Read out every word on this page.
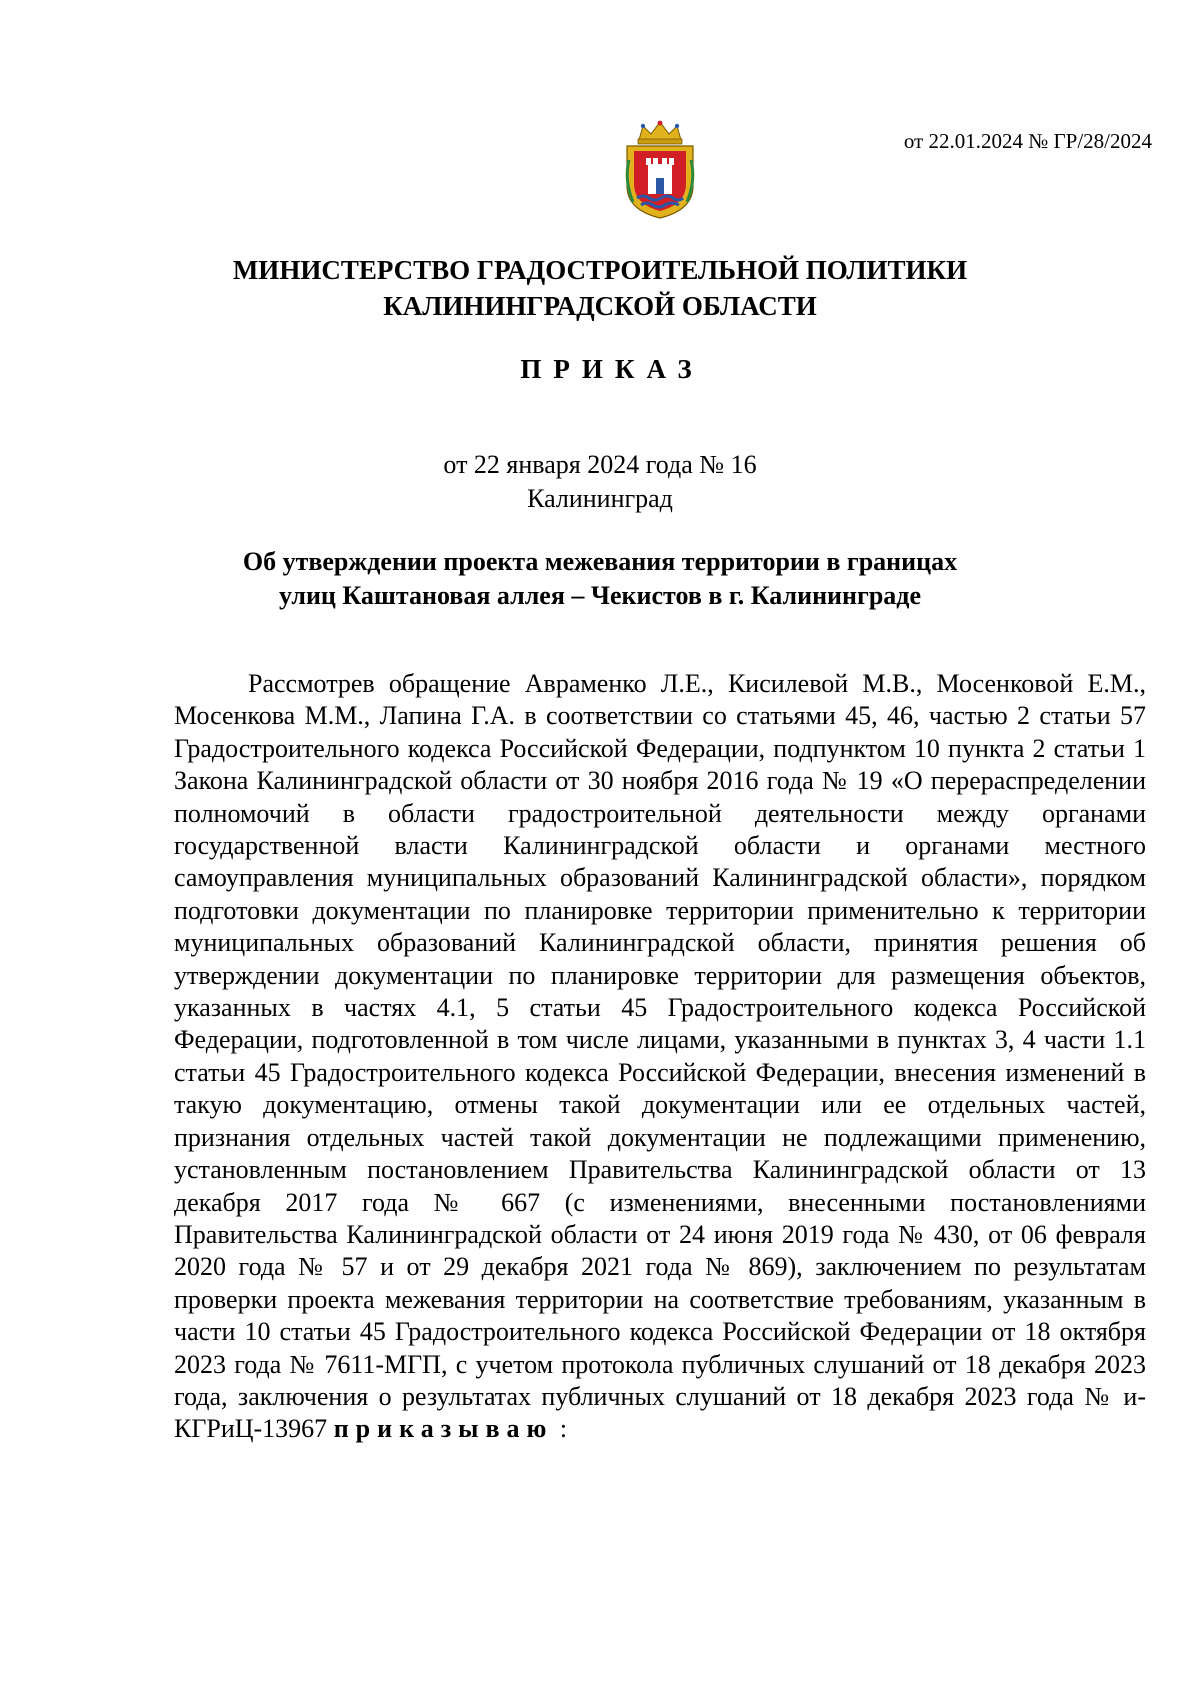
от 22.01.2024 № ГР/28/2024
МИНИСТЕРСТВО ГРАДОСТРОИТЕЛЬНОЙ ПОЛИТИКИ
КАЛИНИНГРАДСКОЙ ОБЛАСТИ
ПРИКАЗ
от 22 января 2024 года № 16
Калининград
Об утверждении проекта межевания территории в границах
улиц Каштановая аллея – Чекистов в г. Калининграде

Рассмотрев обращение Авраменко Л.Е., Кисилевой М.В., Мосенковой Е.М., Мосенкова М.М., Лапина Г.А. в соответствии со статьями 45, 46, частью 2 статьи 57 Градостроительного кодекса Российской Федерации, подпунктом 10 пункта 2 статьи 1 Закона Калининградской области от 30 ноября 2016 года № 19 «О перераспределении полномочий в области градостроительной деятельности между органами государственной власти Калининградской области и органами местного самоуправления муниципальных образований Калининградской области», порядком подготовки документации по планировке территории применительно к территории муниципальных образований Калининградской области, принятия решения об утверждении документации по планировке территории для размещения объектов, указанных в частях 4.1, 5 статьи 45 Градостроительного кодекса Российской Федерации, подготовленной в том числе лицами, указанными в пунктах 3, 4 части 1.1 статьи 45 Градостроительного кодекса Российской Федерации, внесения изменений в такую документацию, отмены такой документации или ее отдельных частей, признания отдельных частей такой документации не подлежащими применению, установленным постановлением Правительства Калининградской области от 13 декабря 2017 года № 667 (с изменениями, внесенными постановлениями Правительства Калининградской области от 24 июня 2019 года № 430, от 06 февраля 2020 года № 57 и от 29 декабря 2021 года № 869), заключением по результатам проверки проекта межевания территории на соответствие требованиям, указанным в части 10 статьи 45 Градостроительного кодекса Российской Федерации от 18 октября 2023 года № 7611-МГП, с учетом протокола публичных слушаний от 18 декабря 2023 года, заключения о результатах публичных слушаний от 18 декабря 2023 года № и-КГРиЦ-13967 приказываю :
